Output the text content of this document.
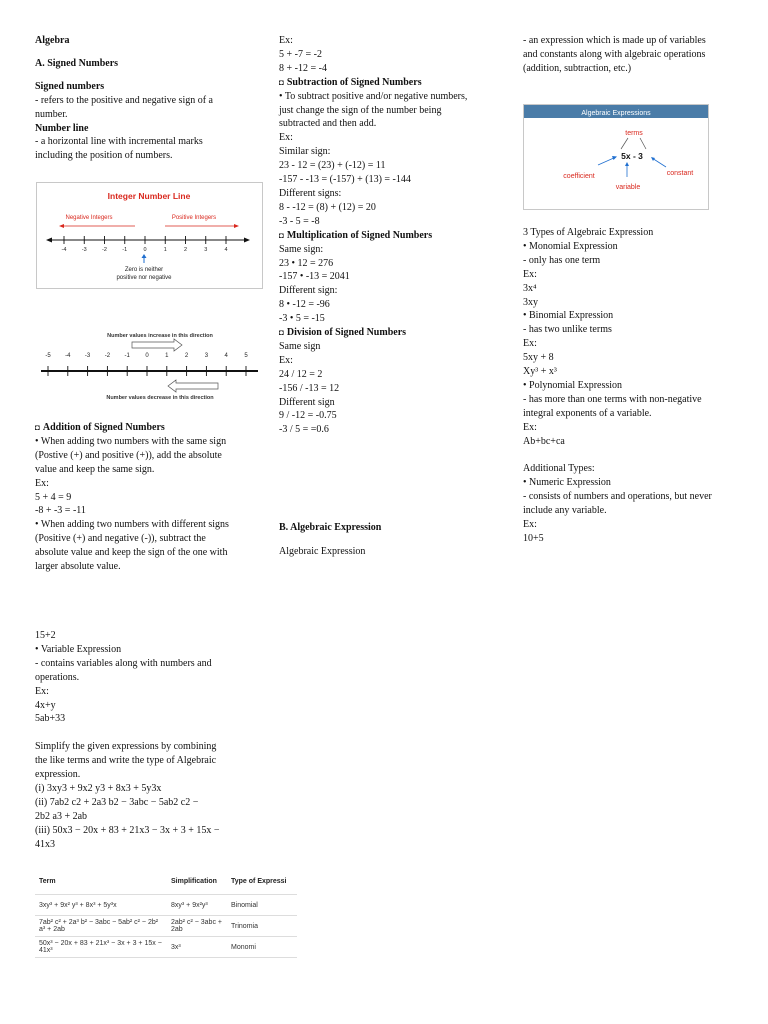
Algebra
A. Signed Numbers
Signed numbers
- refers to the positive and negative sign of a
number.
Number line
- a horizontal line with incremental marks
including the position of numbers.
Integer Number Line
Negative Integers	Positive Integers
-4	-3	-2	-1	0	1	2	3	4
Zero is neither
positive nor negative
Number values increase in this direction
-5 -4 -3 -2 -1	0	1	2	3	4	5
Number values decrease in this direction
◘ Addition of Signed Numbers
• When adding two numbers with the same sign
(Postive (+) and positive (+)), add the absolute
value and keep the same sign.
Ex:
5 + 4 = 9
-8 + -3 = -11
• When adding two numbers with different signs
(Positive (+) and negative (-)), subtract the
absolute value and keep the sign of the one with
larger absolute value.
Ex:
5 + -7 = -2
8 + -12 = -4
◘ Subtraction of Signed Numbers
• To subtract positive and/or negative numbers,
just change the sign of the number being
subtracted and then add.
Ex:
Similar sign:
23 - 12 = (23) + (-12) = 11
-157 - -13 = (-157) + (13) = -144
Different signs:
8 - -12 = (8) + (12) = 20
-3 - 5 = -8
◘ Multiplication of Signed Numbers
Same sign:
23 • 12 = 276
-157 • -13 = 2041
Different sign:
8 • -12 = -96
-3 • 5 = -15
◘ Division of Signed Numbers
Same sign
Ex:
24 / 12 = 2
-156 / -13 = 12
Different sign
9 / -12 = -0.75
-3 / 5 = =0.6
B. Algebraic Expression
Algebraic Expression
- an expression which is made up of variables
and constants along with algebraic operations
(addition, subtraction, etc.)
Algebraic Expressions
terms
5x - 3
coefficient
variable
constant
3 Types of Algebraic Expression
• Monomial Expression
- only has one term
Ex:
3x⁴
3xy
• Binomial Expression
- has two unlike terms
Ex:
5xy + 8
Xy³ + x³
• Polynomial Expression
- has more than one terms with non-negative
integral exponents of a variable.
Ex:
Ab+bc+ca

Additional Types:
• Numeric Expression
- consists of numbers and operations, but never
include any variable.
Ex:
10+5
15+2
• Variable Expression
- contains variables along with numbers and
operations.
Ex:
4x+y
5ab+33

Simplify the given expressions by combining
the like terms and write the type of Algebraic
expression.
(i) 3xy3 + 9x2 y3 + 8x3 + 5y3x
(ii) 7ab2 c2 + 2a3 b2 − 3abc − 5ab2 c2 −
2b2 a3 + 2ab
(iii) 50x3 − 20x + 83 + 21x3 − 3x + 3 + 15x −
41x3
Term	Simplification	Type of Expressi
3xy³ + 9x² y³ + 8x³ + 5y³x	8xy³ + 9x²y³	Binomial
7ab² c² + 2a³ b² − 3abc − 5ab² c² − 2b² a³ + 2ab	2ab² c² − 3abc + 2ab	Trinomia
50x³ − 20x + 83 + 21x³ − 3x + 3 + 15x − 41x³	3x³	Monomi
